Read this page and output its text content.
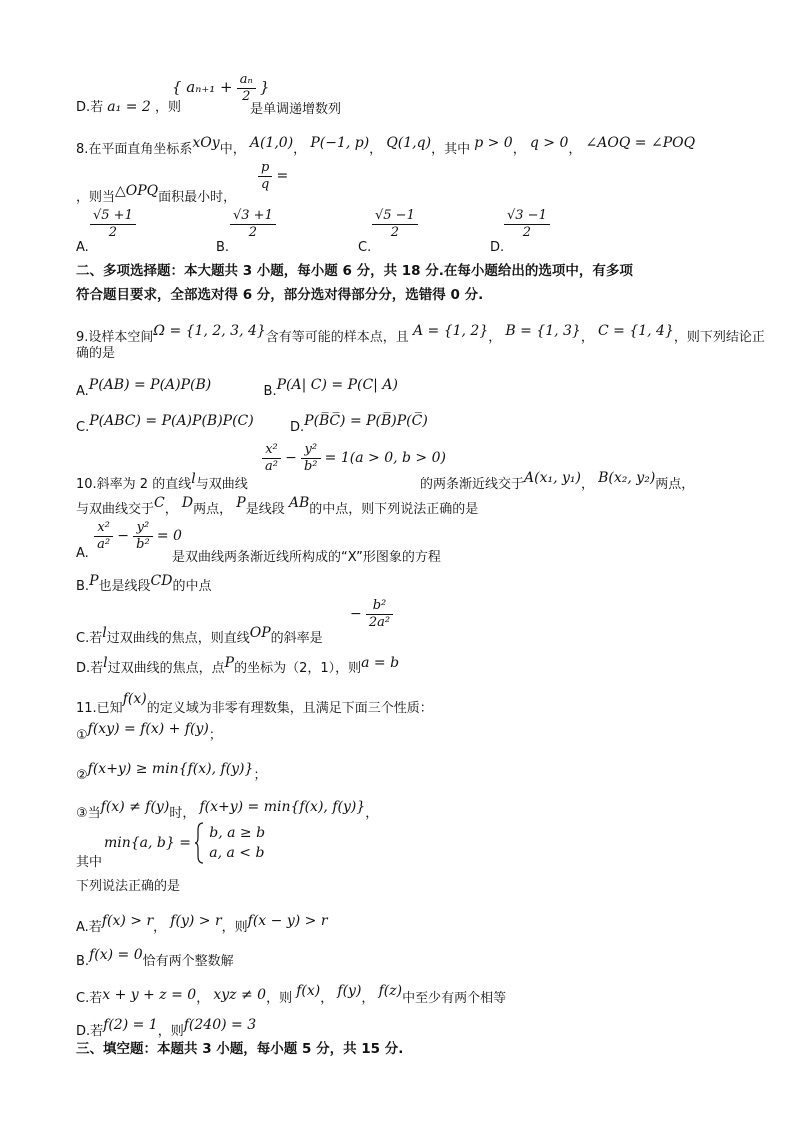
D.若 a₁ = 2 ，则
{ $a_{n+1} + \frac{\text{aₙ}}{2}$ }
是单调递增数列
8.在平面直角坐标系xOy中， A(1,0)， P(−1, p)， Q(1,q)，其中 p > 0， q > 0， ∠AOQ = ∠POQ
，则当△OPQ面积最小时，
$\frac{p}{q}$ =
A.
$\frac{√5 +1}{2}$
B.
$\frac{√3 +1}{2}$
C.
$\frac{√5 -1}{2}$
D.
$\frac{√3 -1}{2}$
二、多项选择题：本大题共 3 小题，每小题 6 分，共 18 分.在每小题给出的选项中，有多项
符合题目要求，全部选对得 6 分，部分选对得部分分，选错得 0 分.
9.设样本空间Ω = {1, 2, 3, 4}含有等可能的样本点，且 A = {1, 2}， B = {1, 3}， C = {1, 4}，则下列结论正
确的是
A.P(AB) = P(A)P(B)	B.P(A| C) = P(C| A)
C.P(ABC) = P(A)P(B)P(C)	D.P(B̅C̅) = P(B̅)P(C̅)
10.斜率为 2 的直线l与双曲线
$\frac{\text{x²}}{\text{a²}} - \frac{\text{y²}}{\text{b²}} = 1(a > 0$, b > 0)
的两条渐近线交于A(x₁, y₁)， B(x₂, y₂)两点，
与双曲线交于C， D两点， P是线段 AB的中点，则下列说法正确的是
A.

$\frac{\text{x²}}{\text{a²}} - \frac{\text{y²}}{\text{b²}} = 0$
是双曲线两条渐近线所构成的“X”形图象的方程
B.P也是线段CD的中点
C.若l过双曲线的焦点，则直线OP的斜率是
− $\frac{\text{b²}}{\text{2a²}}$
D.若l过双曲线的焦点，点P的坐标为（2，1），则a = b
11.已知f(x)的定义域为非零有理数集，且满足下面三个性质：
①f(xy) = f(x) + f(y)；
②f(x+y) ≥ min{f(x), f(y)}；
③当f(x) ≠ f(y)时， f(x+y) = min{f(x), f(y)}，
其中
min{a, b} =
b, a ≥ b
a, a < b
下列说法正确的是
A.若f(x) > r， f(y) > r，则f(x − y) > r
B.f(x) = 0恰有两个整数解
C.若x + y + z = 0， xyz ≠ 0，则 f(x)， f(y)， f(z)中至少有两个相等
D.若f(2) = 1，则f(240) = 3
三、填空题：本题共 3 小题，每小题 5 分，共 15 分.
